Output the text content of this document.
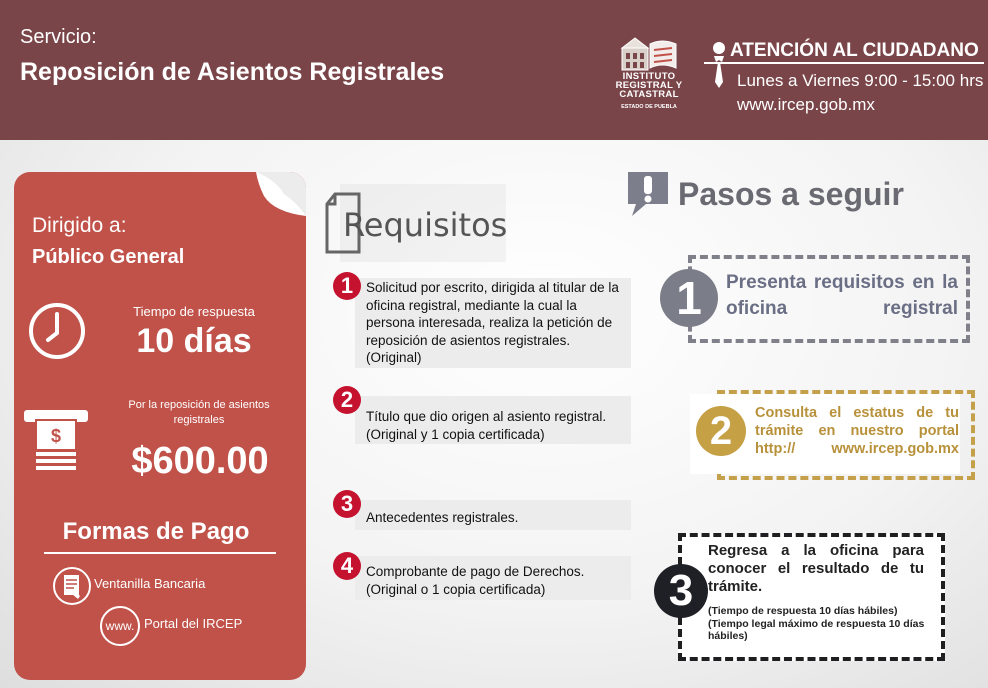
Servicio:
Reposición de Asientos Registrales	INSTITUTO
REGISTRAL Y
CATASTRAL
ESTADO DE PUEBLA
ATENCIÓN AL CIUDADANO
Lunes a Viernes 9:00 - 15:00 hrs
www.ircep.gob.mx
Dirigido a:
Público General
Tiempo de respuesta
10 días
$
Por la reposición de asientos registrales
$600.00
Formas de Pago
Ventanilla Bancaria
www. Portal del IRCEP
Requisitos
1 Solicitud por escrito, dirigida al titular de la oficina registral, mediante la cual la persona interesada, realiza la petición de reposición de asientos registrales. (Original)
2
Título que dio origen al asiento registral. (Original y 1 copia certificada)
3
Antecedentes registrales.
4 Comprobante de pago de Derechos. (Original o 1 copia certificada)
Pasos a seguir
1	Presenta requisitos en la oficina registral
2	Consulta el estatus de tu trámite en nuestro portal http:// www.ircep.gob.mx
3
Regresa a la oficina para conocer el resultado de tu trámite.
(Tiempo de respuesta 10 días hábiles) (Tiempo legal máximo de respuesta 10 días hábiles)
